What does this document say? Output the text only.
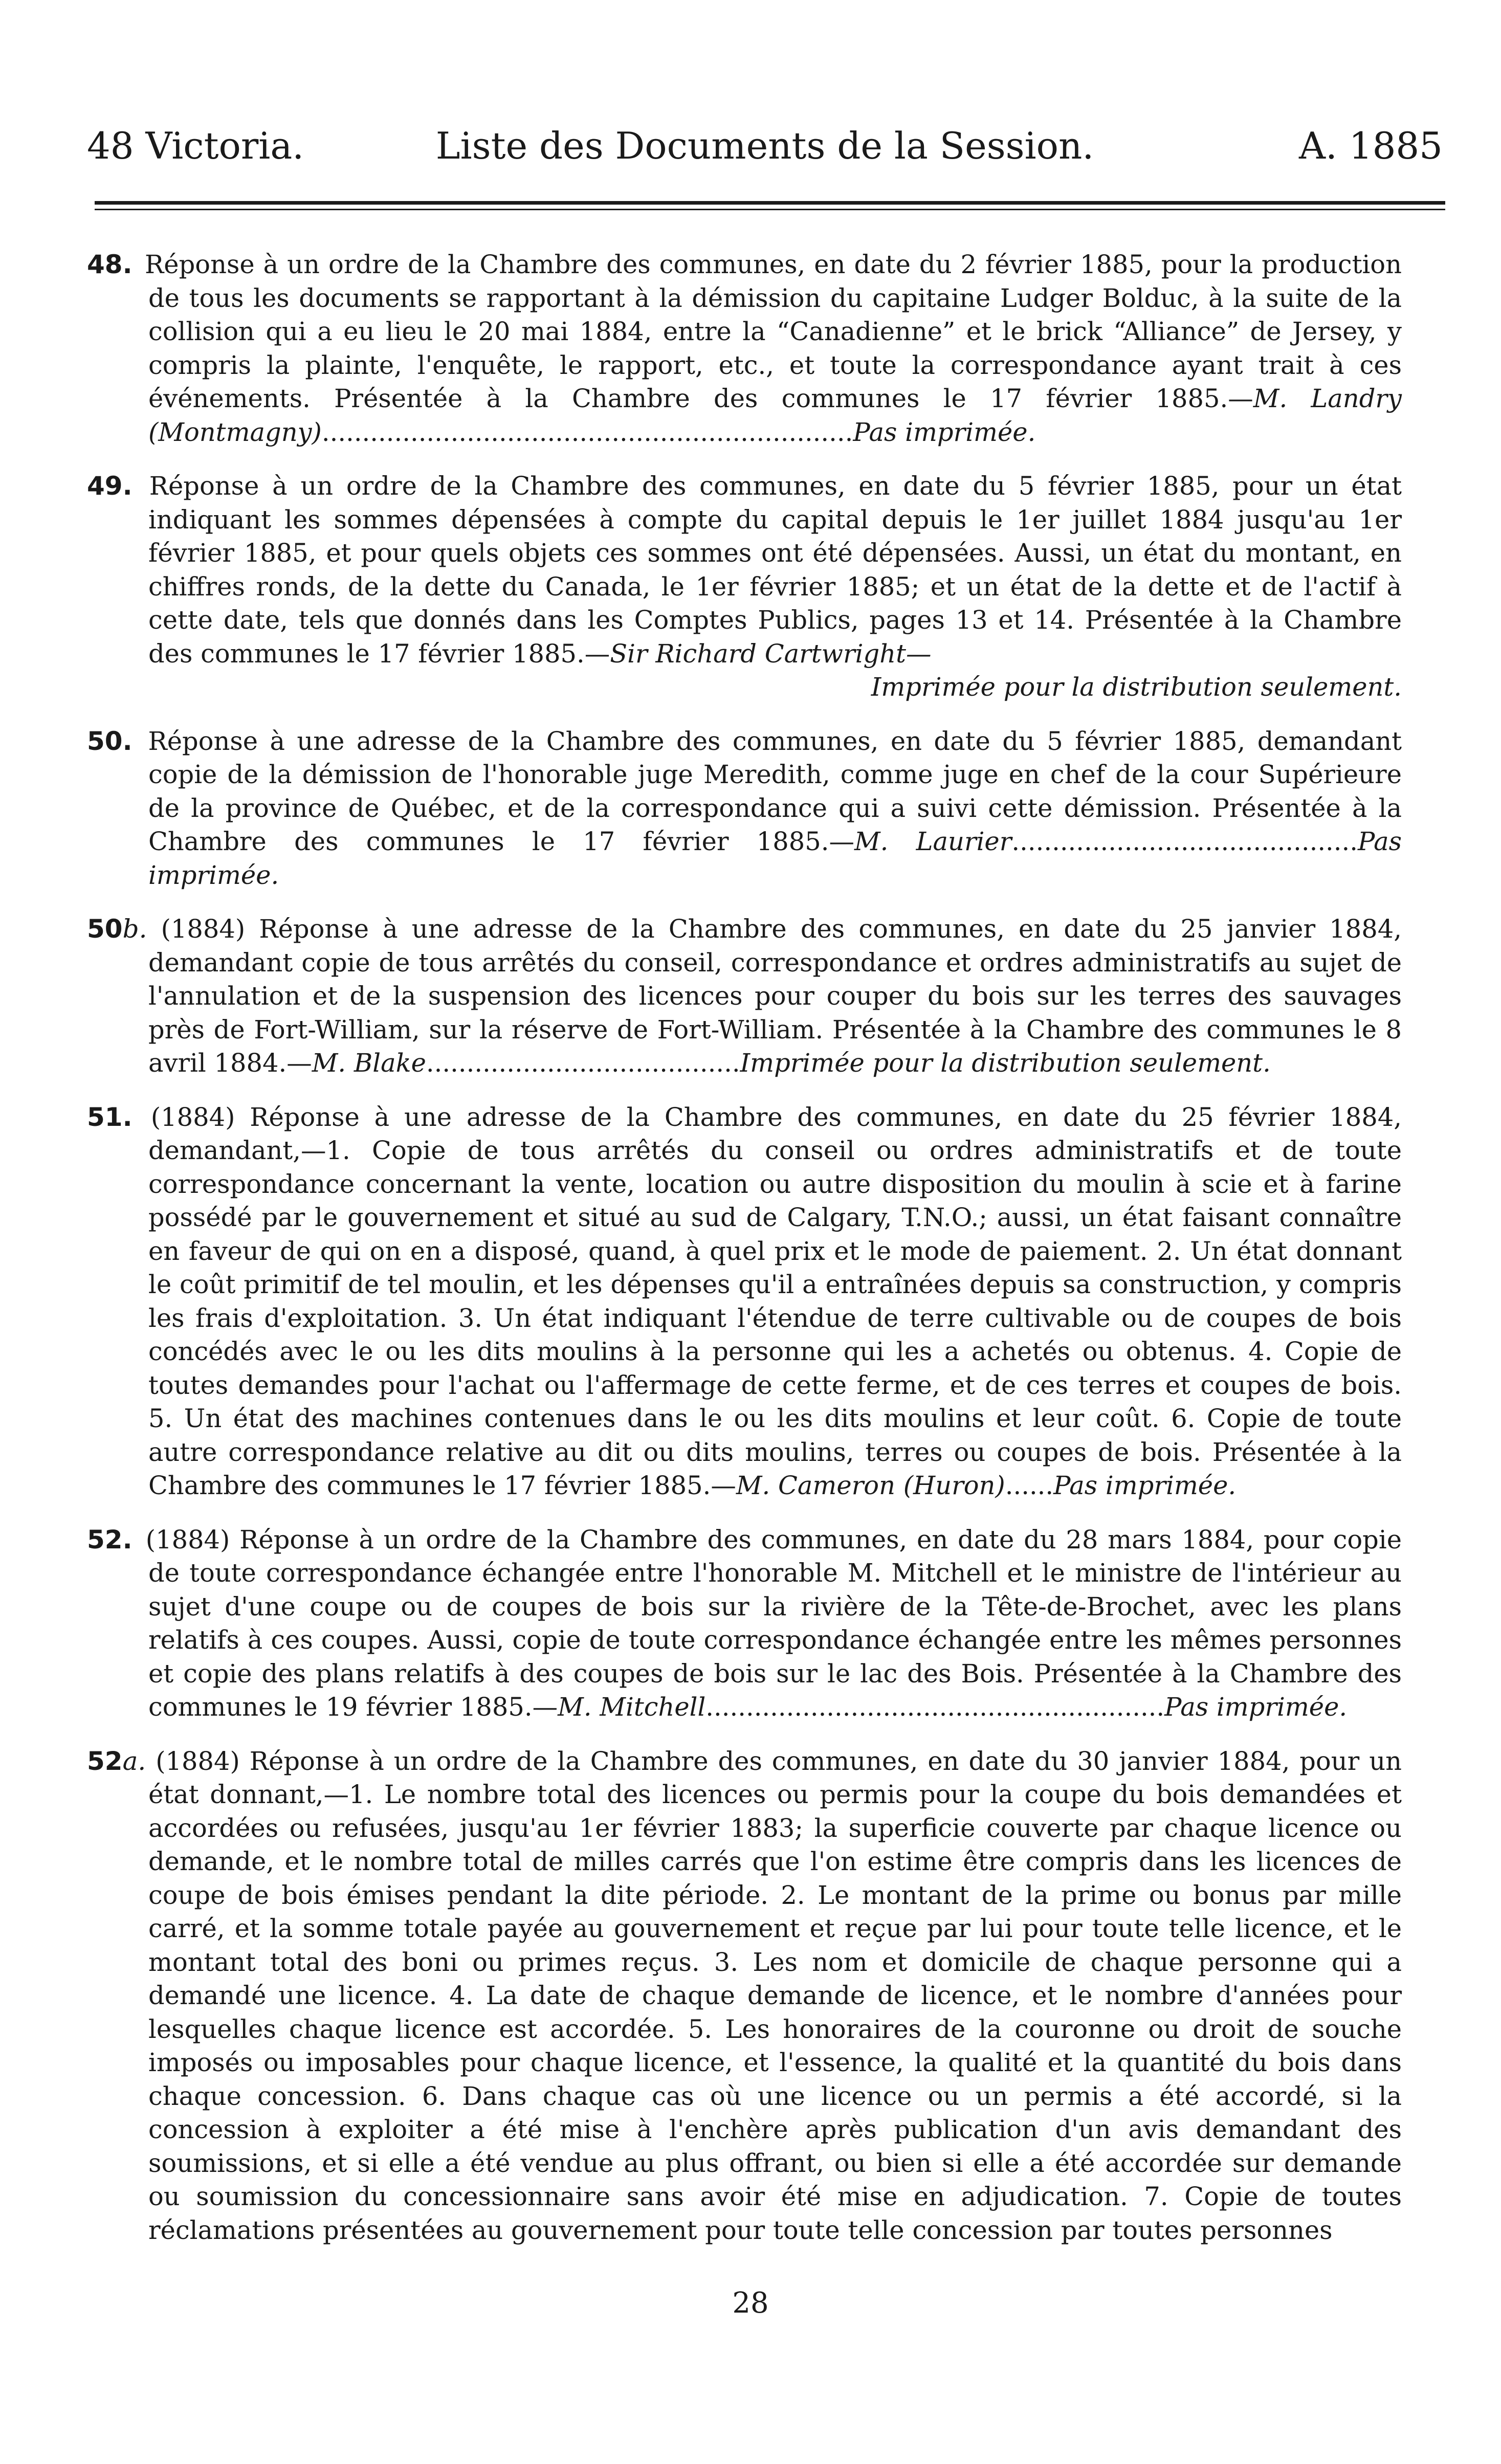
48 Victoria.	Liste des Documents de la Session.	A. 1885

48. Réponse à un ordre de la Chambre des communes, en date du 2 février 1885, pour la production de tous les documents se rapportant à la démission du capitaine Ludger Bolduc, à la suite de la collision qui a eu lieu le 20 mai 1884, entre la “Canadienne” et le brick “Alliance” de Jersey, y compris la plainte, l'enquête, le rapport, etc., et toute la correspondance ayant trait à ces événements. Présentée à la Chambre des communes le 17 février 1885.—M. Landry (Montmagny)..................................................................Pas imprimée.

49. Réponse à un ordre de la Chambre des communes, en date du 5 février 1885, pour un état indiquant les sommes dépensées à compte du capital depuis le 1er juillet 1884 jusqu'au 1er février 1885, et pour quels objets ces sommes ont été dépensées. Aussi, un état du montant, en chiffres ronds, de la dette du Canada, le 1er février 1885; et un état de la dette et de l'actif à cette date, tels que donnés dans les Comptes Publics, pages 13 et 14. Présentée à la Chambre des communes le 17 février 1885.—Sir Richard Cartwright—
Imprimée pour la distribution seulement.

50. Réponse à une adresse de la Chambre des communes, en date du 5 février 1885, demandant copie de la démission de l'honorable juge Meredith, comme juge en chef de la cour Supérieure de la province de Québec, et de la correspondance qui a suivi cette démission. Présentée à la Chambre des communes le 17 février 1885.—M. Laurier...........................................Pas imprimée.

50b. (1884) Réponse à une adresse de la Chambre des communes, en date du 25 janvier 1884, demandant copie de tous arrêtés du conseil, correspondance et ordres administratifs au sujet de l'annulation et de la suspension des licences pour couper du bois sur les terres des sauvages près de Fort-William, sur la réserve de Fort-William. Présentée à la Chambre des communes le 8 avril 1884.—M. Blake.......................................Imprimée pour la distribution seulement.

51. (1884) Réponse à une adresse de la Chambre des communes, en date du 25 février 1884, demandant,—1. Copie de tous arrêtés du conseil ou ordres administratifs et de toute correspondance concernant la vente, location ou autre disposition du moulin à scie et à farine possédé par le gouvernement et situé au sud de Calgary, T.N.O.; aussi, un état faisant connaître en faveur de qui on en a disposé, quand, à quel prix et le mode de paiement. 2. Un état donnant le coût primitif de tel moulin, et les dépenses qu'il a entraînées depuis sa construction, y compris les frais d'exploitation. 3. Un état indiquant l'étendue de terre cultivable ou de coupes de bois concédés avec le ou les dits moulins à la personne qui les a achetés ou obtenus. 4. Copie de toutes demandes pour l'achat ou l'affermage de cette ferme, et de ces terres et coupes de bois. 5. Un état des machines contenues dans le ou les dits moulins et leur coût. 6. Copie de toute autre correspondance relative au dit ou dits moulins, terres ou coupes de bois. Présentée à la Chambre des communes le 17 février 1885.—M. Cameron (Huron)......Pas imprimée.

52. (1884) Réponse à un ordre de la Chambre des communes, en date du 28 mars 1884, pour copie de toute correspondance échangée entre l'honorable M. Mitchell et le ministre de l'intérieur au sujet d'une coupe ou de coupes de bois sur la rivière de la Tête-de-Brochet, avec les plans relatifs à ces coupes. Aussi, copie de toute correspondance échangée entre les mêmes personnes et copie des plans relatifs à des coupes de bois sur le lac des Bois. Présentée à la Chambre des communes le 19 février 1885.—M. Mitchell.........................................................Pas imprimée.

52a. (1884) Réponse à un ordre de la Chambre des communes, en date du 30 janvier 1884, pour un état donnant,—1. Le nombre total des licences ou permis pour la coupe du bois demandées et accordées ou refusées, jusqu'au 1er février 1883; la superficie couverte par chaque licence ou demande, et le nombre total de milles carrés que l'on estime être compris dans les licences de coupe de bois émises pendant la dite période. 2. Le montant de la prime ou bonus par mille carré, et la somme totale payée au gouvernement et reçue par lui pour toute telle licence, et le montant total des boni ou primes reçus. 3. Les nom et domicile de chaque personne qui a demandé une licence. 4. La date de chaque demande de licence, et le nombre d'années pour lesquelles chaque licence est accordée. 5. Les honoraires de la couronne ou droit de souche imposés ou imposables pour chaque licence, et l'essence, la qualité et la quantité du bois dans chaque concession. 6. Dans chaque cas où une licence ou un permis a été accordé, si la concession à exploiter a été mise à l'enchère après publication d'un avis demandant des soumissions, et si elle a été vendue au plus offrant, ou bien si elle a été accordée sur demande ou soumission du concessionnaire sans avoir été mise en adjudication. 7. Copie de toutes réclamations présentées au gouvernement pour toute telle concession par toutes personnes

28
